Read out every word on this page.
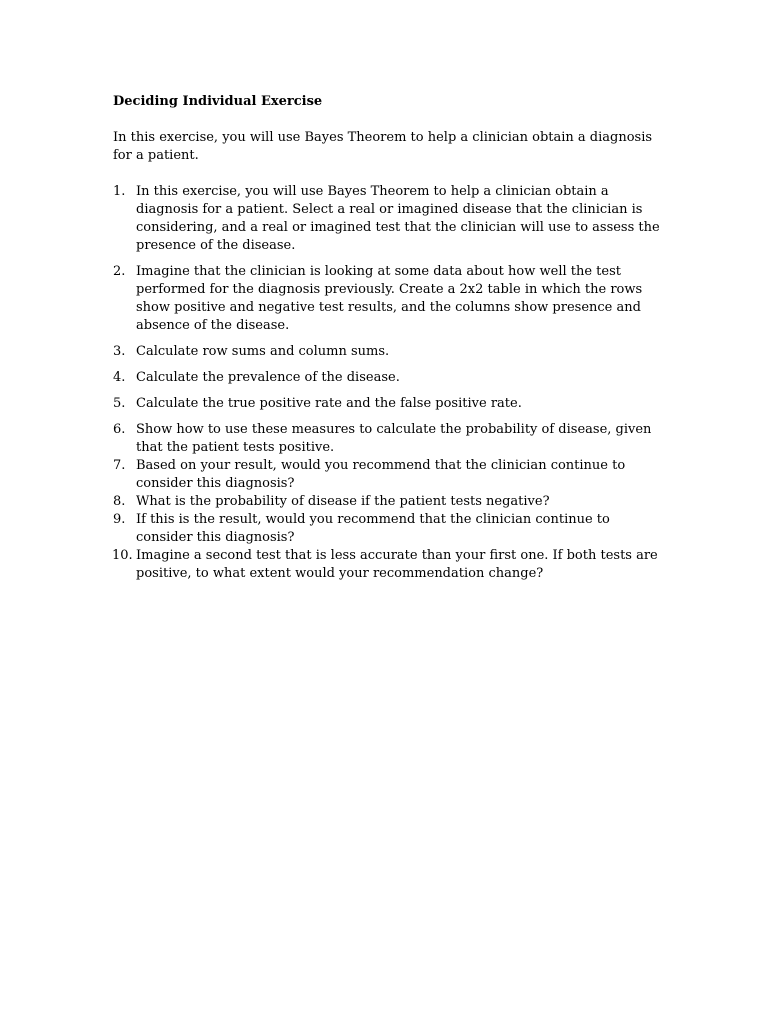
Deciding Individual Exercise

In this exercise, you will use Bayes Theorem to help a clinician obtain a diagnosis for a patient.

1. In this exercise, you will use Bayes Theorem to help a clinician obtain a diagnosis for a patient. Select a real or imagined disease that the clinician is considering, and a real or imagined test that the clinician will use to assess the presence of the disease.
2. Imagine that the clinician is looking at some data about how well the test performed for the diagnosis previously. Create a 2x2 table in which the rows show positive and negative test results, and the columns show presence and absence of the disease.
3. Calculate row sums and column sums.
4. Calculate the prevalence of the disease.
5. Calculate the true positive rate and the false positive rate.
6. Show how to use these measures to calculate the probability of disease, given that the patient tests positive.
7. Based on your result, would you recommend that the clinician continue to consider this diagnosis?
8. What is the probability of disease if the patient tests negative?
9. If this is the result, would you recommend that the clinician continue to consider this diagnosis?
10. Imagine a second test that is less accurate than your first one. If both tests are positive, to what extent would your recommendation change?
